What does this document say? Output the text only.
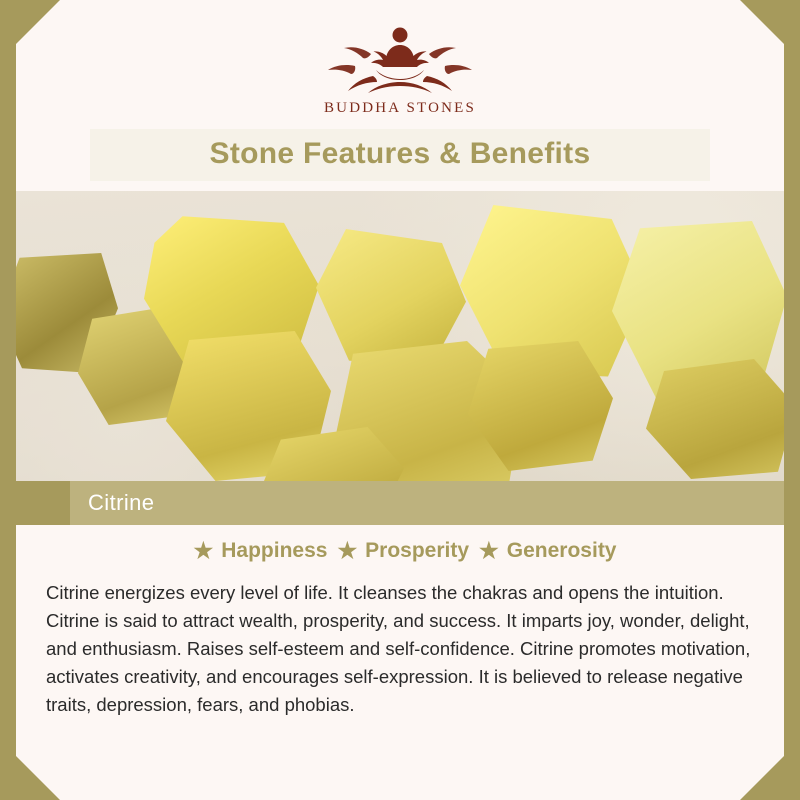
BUDDHA STONES
Stone Features & Benefits
Citrine
★ Happiness ★ Prosperity ★ Generosity
Citrine energizes every level of life. It cleanses the chakras and opens the intuition. Citrine is said to attract wealth, prosperity, and success. It imparts joy, wonder, delight, and enthusiasm. Raises self-esteem and self-confidence. Citrine promotes motivation, activates creativity, and encourages self-expression. It is believed to release negative traits, depression, fears, and phobias.
